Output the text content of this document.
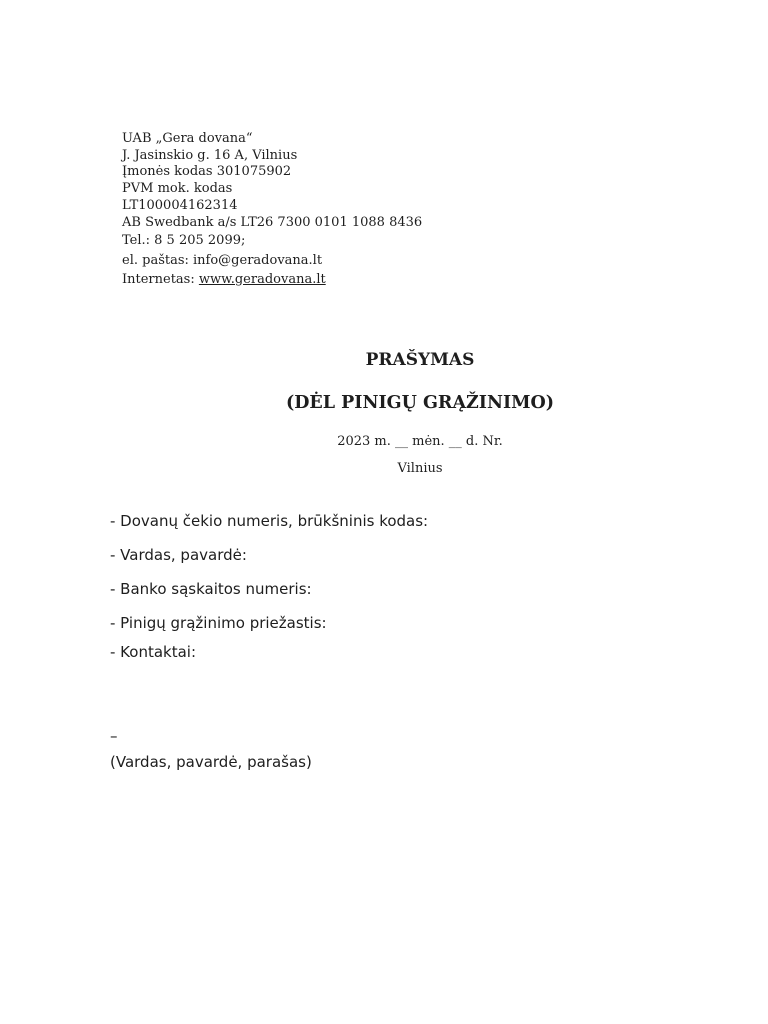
UAB „Gera dovana“
J. Jasinskio g. 16 A, Vilnius
Įmonės kodas 301075902
PVM mok. kodas
LT100004162314
AB Swedbank a/s LT26 7300 0101 1088 8436
Tel.: 8 5 205 2099;
el. paštas: info@geradovana.lt
Internetas: www.geradovana.lt
PRAŠYMAS
(DĖL PINIGŲ GRĄŽINIMO)
2023 m. __ mėn. __ d. Nr.
Vilnius
- Dovanų čekio numeris, brūkšninis kodas:
- Vardas, pavardė:
- Banko sąskaitos numeris:
- Pinigų grąžinimo priežastis:
- Kontaktai:
–
(Vardas, pavardė, parašas)
